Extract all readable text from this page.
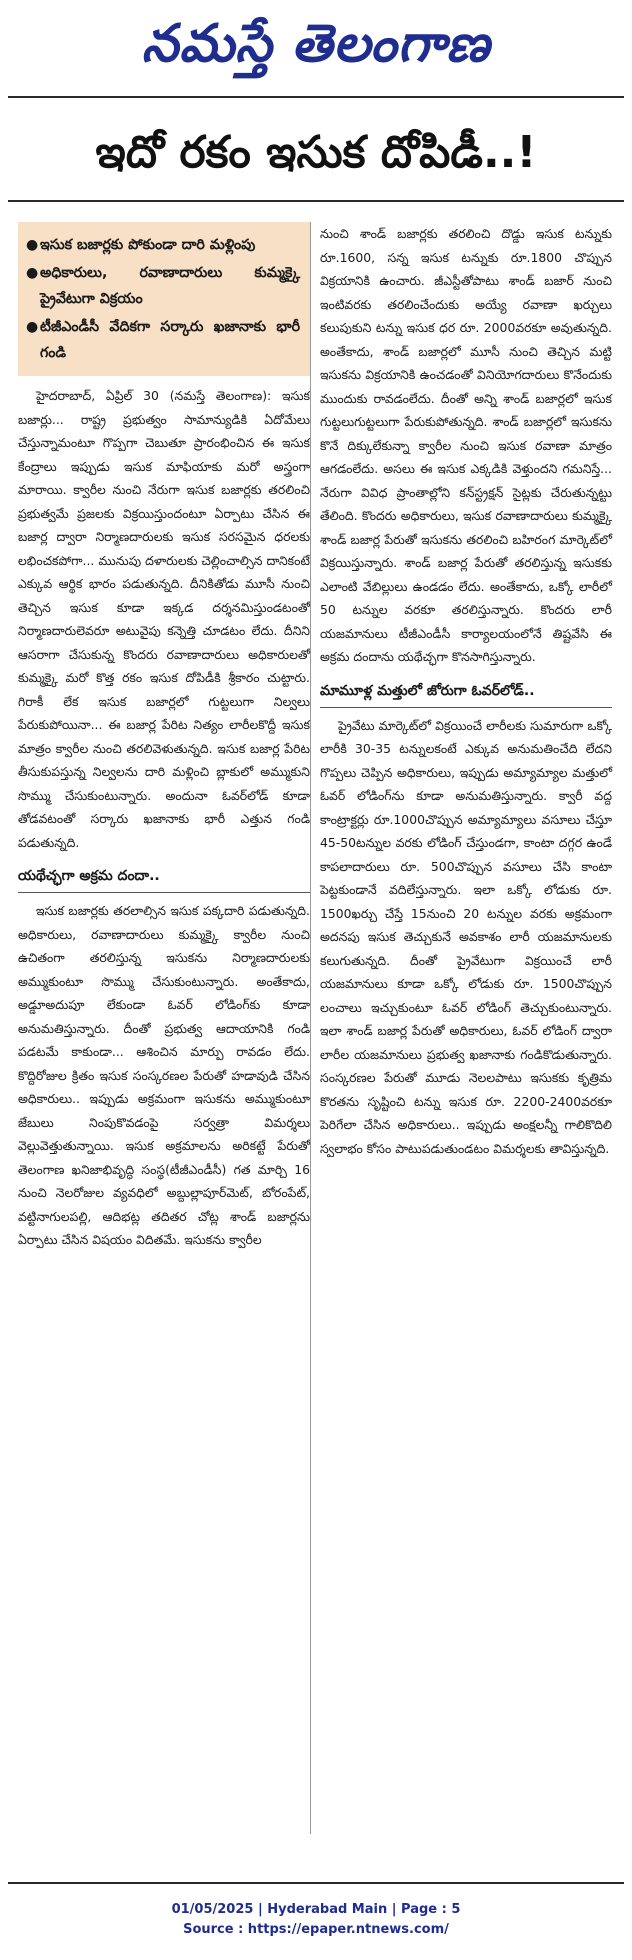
నమస్తే తెలంగాణ
ఇదో రకం ఇసుక దోపిడీ..!
● ఇసుక బజార్లకు పోకుండా దారి మళ్లింపు
● అధికారులు, రవాణాదారులు కుమ్మక్కై ప్రైవేటుగా విక్రయం
● టీజీఎండీసీ వేదికగా సర్కారు ఖజానాకు భారీ గండి

హైదరాబాద్, ఏప్రిల్ 30 (నమస్తే తెలంగాణ): ఇసుక బజార్లు... రాష్ట్ర ప్రభుత్వం సామాన్యుడికి ఏదోమేలు చేస్తున్నామంటూ గొప్పగా చెబుతూ ప్రారంభించిన ఈ ఇసుక కేంద్రాలు ఇప్పుడు ఇసుక మాఫియాకు మరో అస్త్రంగా మారాయి. క్వారీల నుంచి నేరుగా ఇసుక బజార్లకు తరలించి ప్రభుత్వమే ప్రజలకు విక్రయిస్తుందంటూ ఏర్పాటు చేసిన ఈ బజార్ల ద్వారా నిర్మాణదారులకు ఇసుక సరసమైన ధరలకు లభించకపోగా... మునుపు దళారులకు చెల్లించాల్సిన దానికంటే ఎక్కువ ఆర్థిక భారం పడుతున్నది. దీనికితోడు మూసీ నుంచి తెచ్చిన ఇసుక కూడా ఇక్కడ దర్శనమిస్తుండటంతో నిర్మాణదారులెవరూ అటువైపు కన్నెత్తి చూడటం లేదు. దీనిని ఆసరాగా చేసుకున్న కొందరు రవాణాదారులు అధికారులతో కుమ్మక్కై మరో కొత్త రకం ఇసుక దోపిడీకి శ్రీకారం చుట్టారు. గిరాకీ లేక ఇసుక బజార్లలో గుట్టలుగా నిల్వలు పేరుకుపోయినా... ఈ బజార్ల పేరిట నిత్యం లారీలకొద్దీ ఇసుక మాత్రం క్వారీల నుంచి తరలివెళుతున్నది. ఇసుక బజార్ల పేరిట తీసుకుపస్తున్న నిల్వలను దారి మళ్లించి బ్లాకులో అమ్ముకుని సొమ్ము చేసుకుంటున్నారు. అందునా ఓవర్‌లోడ్ కూడా తోడవటంతో సర్కారు ఖజానాకు భారీ ఎత్తున గండి పడుతున్నది.

యథేచ్ఛగా అక్రమ దందా..

ఇసుక బజార్లకు తరలాల్సిన ఇసుక పక్కదారి పడుతున్నది. అధికారులు, రవాణాదారులు కుమ్మక్కై క్వారీల నుంచి ఉచితంగా తరలిస్తున్న ఇసుకను నిర్మాణదారులకు అమ్ముకుంటూ సొమ్ము చేసుకుంటున్నారు. అంతేకాదు, అడ్డూఅదుపూ లేకుండా ఓవర్ లోడింగ్‌కు కూడా అనుమతిస్తున్నారు. దీంతో ప్రభుత్వ ఆదాయానికి గండి పడటమే కాకుండా... ఆశించిన మార్పు రావడం లేదు. కొద్దిరోజుల క్రితం ఇసుక సంస్కరణల పేరుతో హడావుడి చేసిన అధికారులు.. ఇప్పుడు అక్రమంగా ఇసుకను అమ్ముకుంటూ జేబులు నింపుకొవడంపై సర్వత్రా విమర్శలు వెల్లువెత్తుతున్నాయి. ఇసుక అక్రమాలను అరికట్టే పేరుతో తెలంగాణ ఖనిజాభివృద్ధి సంస్థ(టీజీఎండీసీ) గత మార్చి 16 నుంచి నెలరోజుల వ్యవధిలో అబ్దుల్లాపూర్‌మెట్, బోరంపేట్, వట్టినాగులపల్లి, ఆదిభట్ల తదితర చోట్ల శాండ్ బజార్లను ఏర్పాటు చేసిన విషయం విదితమే. ఇసుకను క్వారీల

నుంచి శాండ్ బజార్లకు తరలించి దొడ్డు ఇసుక టన్నుకు రూ.1600, సన్న ఇసుక టన్నుకు రూ.1800 చొప్పున విక్రయానికి ఉంచారు. జీఎస్టీతోపాటు శాండ్ బజార్ నుంచి ఇంటివరకు తరలించేందుకు అయ్యే రవాణా ఖర్చులు కలుపుకుని టన్ను ఇసుక ధర రూ. 2000వరకూ అవుతున్నది. అంతేకాదు, శాండ్ బజార్లలో మూసీ నుంచి తెచ్చిన మట్టి ఇసుకను విక్రయానికి ఉంచడంతో వినియోగదారులు కొనేందుకు ముందుకు రావడంలేదు. దీంతో అన్ని శాండ్ బజార్లలో ఇసుక గుట్టలుగుట్టలుగా పేరుకుపోతున్నది. శాండ్ బజార్లలో ఇసుకను కొనే దిక్కులేకున్నా క్వారీల నుంచి ఇసుక రవాణా మాత్రం ఆగడంలేదు. అసలు ఈ ఇసుక ఎక్కడికి వెళ్తుందని గమనిస్తే... నేరుగా వివిధ ప్రాంతాల్లోని కన్‌స్ట్రక్షన్ సైట్లకు చేరుతున్నట్టు తేలింది. కొందరు అధికారులు, ఇసుక రవాణాదారులు కుమ్మక్కై శాండ్ బజార్ల పేరుతో ఇసుకను తరలించి బహిరంగ మార్కెట్‌లో విక్రయిస్తున్నారు. శాండ్ బజార్ల పేరుతో తరలిస్తున్న ఇసుకకు ఎలాంటి వేబిల్లులు ఉండడం లేదు. అంతేకాదు, ఒక్కో లారీలో 50 టన్నుల వరకూ తరలిస్తున్నారు. కొందరు లారీ యజమానులు టీజీఎండీసీ కార్యాలయంలోనే తిష్టవేసి ఈ అక్రమ దందాను యథేచ్ఛగా కొనసాగిస్తున్నారు.

మామూళ్ల మత్తులో జోరుగా ఓవర్‌లోడ్..

ప్రైవేటు మార్కెట్‌లో విక్రయించే లారీలకు సుమారుగా ఒక్కో లారీకి 30-35 టన్నులకంటే ఎక్కువ అనుమతించేది లేదని గొప్పలు చెప్పిన అధికారులు, ఇప్పుడు అమ్యామ్యాల మత్తులో ఓవర్ లోడింగ్‌ను కూడా అనుమతిస్తున్నారు. క్వారీ వద్ద కాంట్రాక్టర్లు రూ.1000చొప్పున అమ్యామ్యాలు వసూలు చేస్తూ 45-50టన్నుల వరకు లోడింగ్ చేస్తుండగా, కాంటా దగ్గర ఉండే కాపలాదారులు రూ. 500చొప్పున వసూలు చేసి కాంటా పెట్టకుండానే వదిలేస్తున్నారు. ఇలా ఒక్కో లోడుకు రూ. 1500ఖర్చు చేస్తే 15నుంచి 20 టన్నుల వరకు అక్రమంగా అదనపు ఇసుక తెచ్చుకునే అవకాశం లారీ యజమానులకు కలుగుతున్నది. దీంతో ప్రైవేటుగా విక్రయించే లారీ యజమానులు కూడా ఒక్కో లోడుకు రూ. 1500చొప్పున లంచాలు ఇచ్చుకుంటూ ఓవర్ లోడింగ్ తెచ్చుకుంటున్నారు. ఇలా శాండ్ బజార్ల పేరుతో అధికారులు, ఓవర్ లోడింగ్ ద్వారా లారీల యజమానులు ప్రభుత్వ ఖజానాకు గండికొడుతున్నారు. సంస్కరణల పేరుతో మూడు నెలలపాటు ఇసుకకు కృత్రిమ కొరతను సృష్టించి టన్ను ఇసుక రూ. 2200-2400వరకూ పెరిగేలా చేసిన అధికారులు.. ఇప్పుడు అంక్షలన్నీ గాలికొదిలి స్వలాభం కోసం పాటుపడుతుండటం విమర్శలకు తావిస్తున్నది.

01/05/2025 | Hyderabad Main | Page : 5
Source : https://epaper.ntnews.com/
